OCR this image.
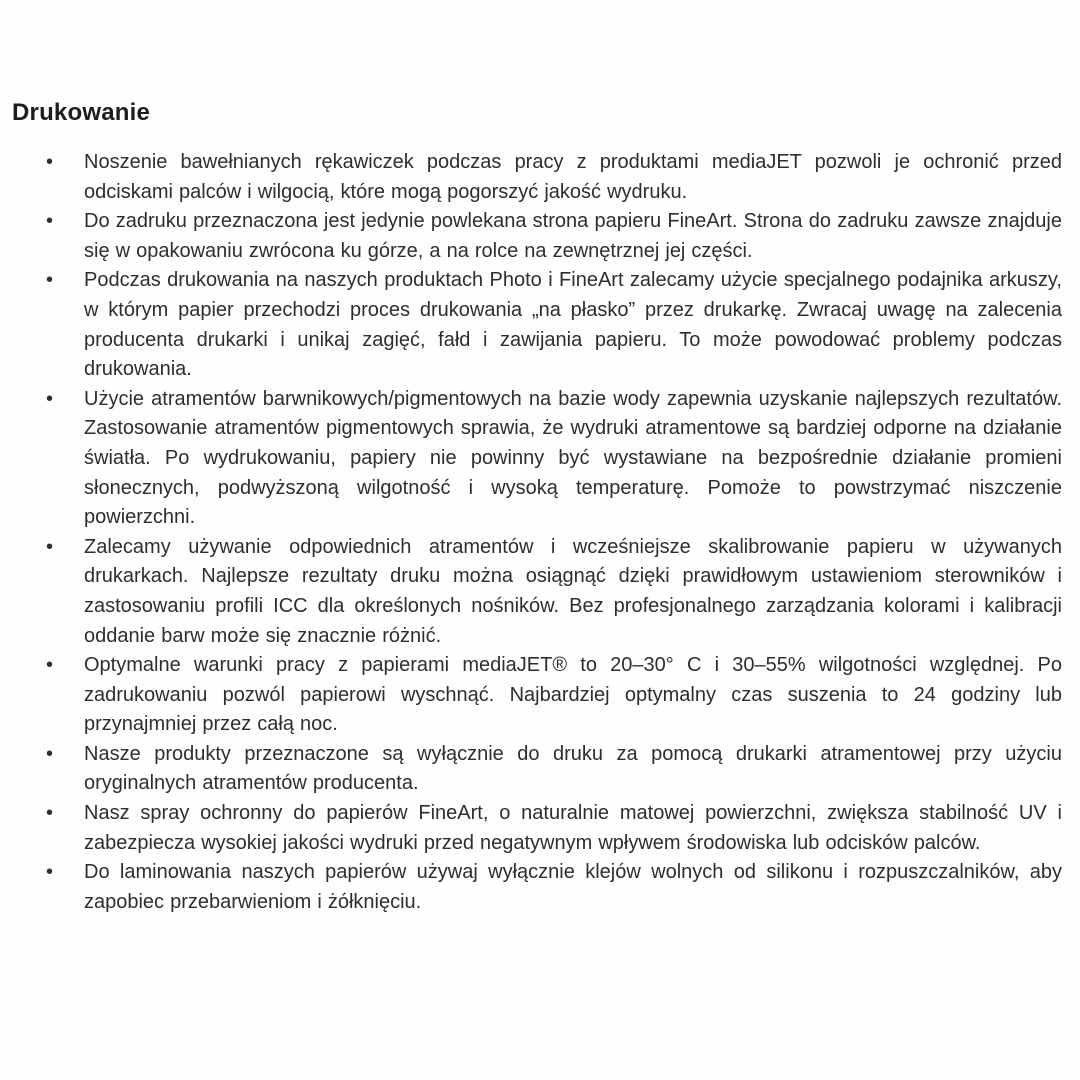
Drukowanie
•	Noszenie bawełnianych rękawiczek podczas pracy z produktami mediaJET pozwoli je ochronić przed odciskami palców i wilgocią, które mogą pogorszyć jakość wydruku.
•	Do zadruku przeznaczona jest jedynie powlekana strona papieru FineArt. Strona do zadruku zawsze znajduje się w opakowaniu zwrócona ku górze, a na rolce na zewnętrznej jej części.
•	Podczas drukowania na naszych produktach Photo i FineArt zalecamy użycie specjalnego podajnika arkuszy, w którym papier przechodzi proces drukowania „na płasko” przez drukarkę. Zwracaj uwagę na zalecenia producenta drukarki i unikaj zagięć, fałd i zawijania papieru. To może powodować problemy podczas drukowania.
•	Użycie atramentów barwnikowych/pigmentowych na bazie wody zapewnia uzyskanie najlepszych rezultatów. Zastosowanie atramentów pigmentowych sprawia, że wydruki atramentowe są bardziej odporne na działanie światła. Po wydrukowaniu, papiery nie powinny być wystawiane na bezpośrednie działanie promieni słonecznych, podwyższoną wilgotność i wysoką temperaturę. Pomoże to powstrzymać niszczenie powierzchni.
•	Zalecamy używanie odpowiednich atramentów i wcześniejsze skalibrowanie papieru w używanych drukarkach. Najlepsze rezultaty druku można osiągnąć dzięki prawidłowym ustawieniom sterowników i zastosowaniu profili ICC dla określonych nośników. Bez profesjonalnego zarządzania kolorami i kalibracji oddanie barw może się znacznie różnić.
•	Optymalne warunki pracy z papierami mediaJET® to 20–30° C i 30–55% wilgotności względnej. Po zadrukowaniu pozwól papierowi wyschnąć. Najbardziej optymalny czas suszenia to 24 godziny lub przynajmniej przez całą noc.
•	Nasze produkty przeznaczone są wyłącznie do druku za pomocą drukarki atramentowej przy użyciu oryginalnych atramentów producenta.
•	Nasz spray ochronny do papierów FineArt, o naturalnie matowej powierzchni, zwiększa stabilność UV i zabezpiecza wysokiej jakości wydruki przed negatywnym wpływem środowiska lub odcisków palców.
•	Do laminowania naszych papierów używaj wyłącznie klejów wolnych od silikonu i rozpuszczalników, aby zapobiec przebarwieniom i żółknięciu.
